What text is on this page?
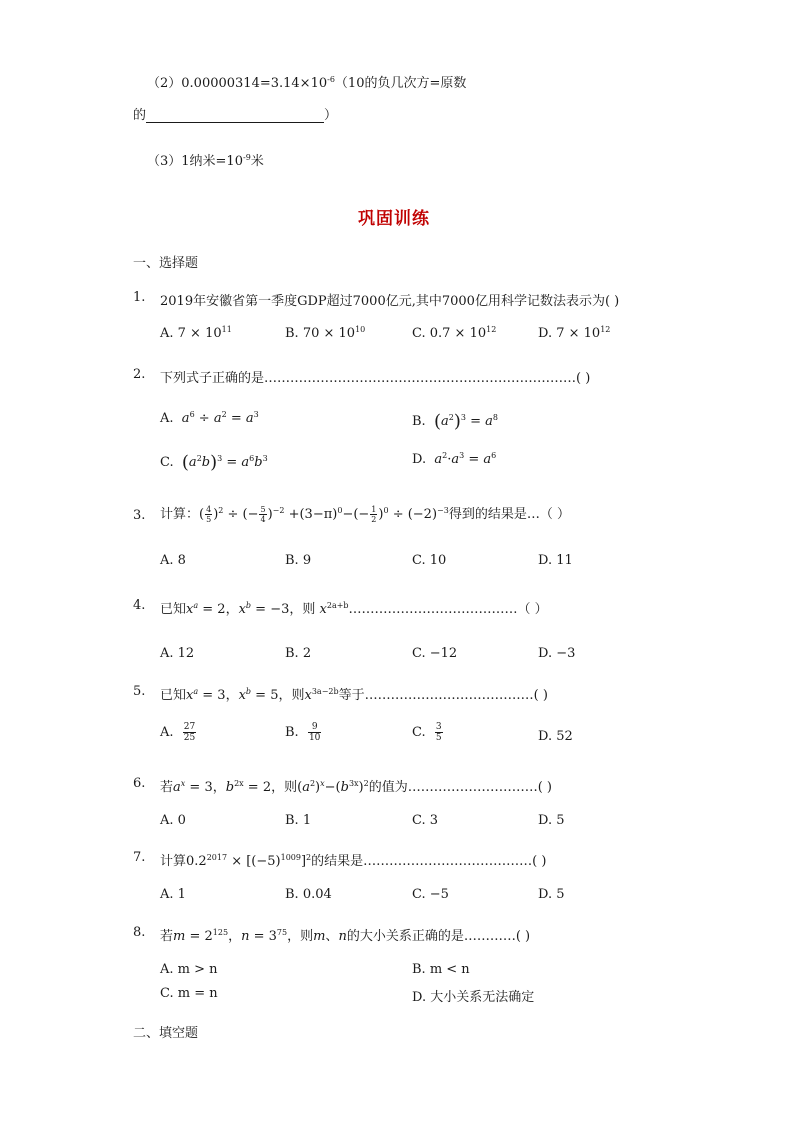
$(2)0.00000314=3.14\times 10^{-6}(10$的负几次方=原数
的	）
（3）1纳米$=10^{-9}$米
巩固训练
一、选择题
1. 2019年安徽省第一季度GDP超过7000亿元,其中7000亿用科学记数法表示为( )
A. $7 \times 10^{11}$	B. $70 \times 10^{10}$	C. $0.7 \times 10^{12}$	D. $7 \times 10^{12}$
2. 下列式子正确的是………………………………………………………………( )
A. $a^6 \div a^2 = a^3$	B. $(a^2)^3 = a^8$
C. $(a^2b)^3 = a^6b^3$	D. $a^2\cdot a^3 = a^6$
3. 计算：( $\frac{4}{5} )^2$ ÷ (− $\frac{5}{4} )^{-2} +(3-\pi)^0-(- \frac{1}{2} )^0 \div (-2)^{-3}$得到的结果是…（ ）
A. 8	B. 9	C. 10	D. 11
4. 已知$x^a = 2$，$x^b = -3$，则 $x^{2a+b}\dots\dots\dots\dots\dots\dots\dots\dots\dots\dots\dots\dots\dots$（ ）
A. 12	B. 2	C. −12	D. −3
5. 已知$x^a = 3$，$x^b = 5$，则$x^{3a-2b}$等于…………………………………( )
A. $\frac{27}{25}$	B. $\frac{9}{10}$	C. $\frac{3}{5}$	D. 52
6. 若$a^x = 3$，$b^{2x} = 2$，则$(a^2)^x-(b^{3x})^2$的值为…………………………( )
A. 0	B. 1	C. 3	D. 5
7. 计算$0.2^{2017} \times [(-5)^{1009}]^2$的结果是…………………………………( )
A. 1	B. 0.04	C. −5	D. 5
8. 若$m = 2^{125}$，$n = 3^{75}$，则m、n的大小关系正确的是…………( )
A. m > n	B. m < n
C. m = n	D. 大小关系无法确定
二、填空题
